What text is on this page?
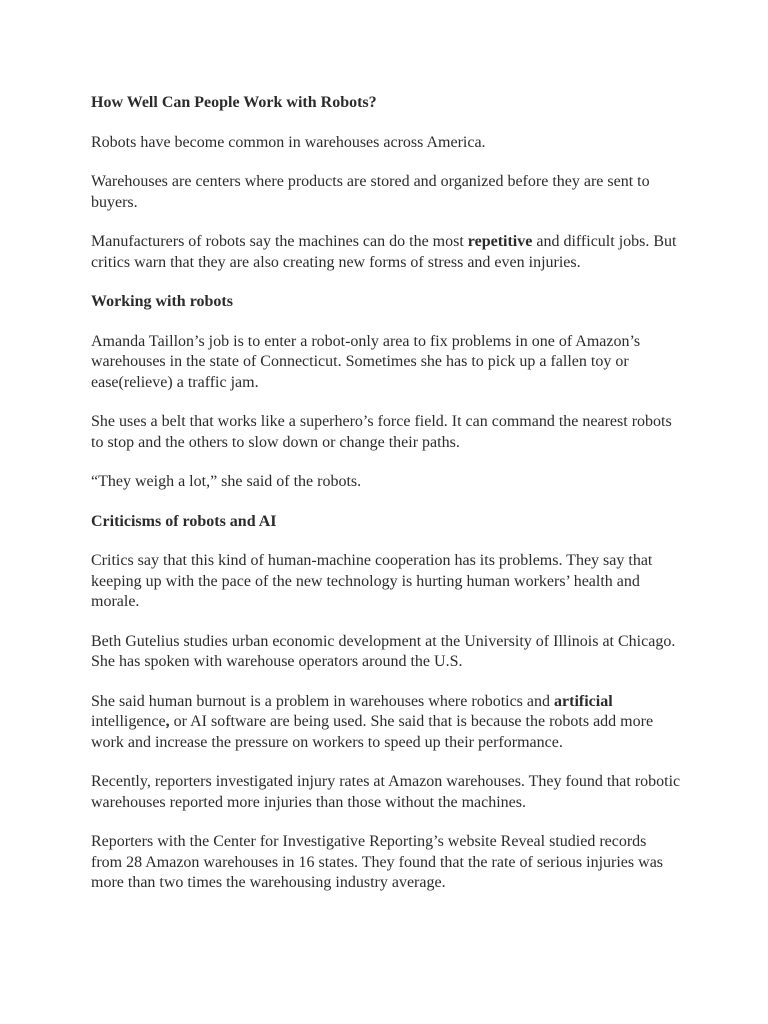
How Well Can People Work with Robots?

Robots have become common in warehouses across America.

Warehouses are centers where products are stored and organized before they are sent to buyers.

Manufacturers of robots say the machines can do the most repetitive and difficult jobs. But critics warn that they are also creating new forms of stress and even injuries.

Working with robots

Amanda Taillon’s job is to enter a robot-only area to fix problems in one of Amazon’s warehouses in the state of Connecticut. Sometimes she has to pick up a fallen toy or ease(relieve) a traffic jam.

She uses a belt that works like a superhero’s force field. It can command the nearest robots to stop and the others to slow down or change their paths.

“They weigh a lot,” she said of the robots.

Criticisms of robots and AI

Critics say that this kind of human-machine cooperation has its problems. They say that keeping up with the pace of the new technology is hurting human workers’ health and morale.

Beth Gutelius studies urban economic development at the University of Illinois at Chicago. She has spoken with warehouse operators around the U.S.

She said human burnout is a problem in warehouses where robotics and artificial intelligence, or AI software are being used. She said that is because the robots add more work and increase the pressure on workers to speed up their performance.

Recently, reporters investigated injury rates at Amazon warehouses. They found that robotic warehouses reported more injuries than those without the machines.

Reporters with the Center for Investigative Reporting’s website Reveal studied records from 28 Amazon warehouses in 16 states. They found that the rate of serious injuries was more than two times the warehousing industry average.
